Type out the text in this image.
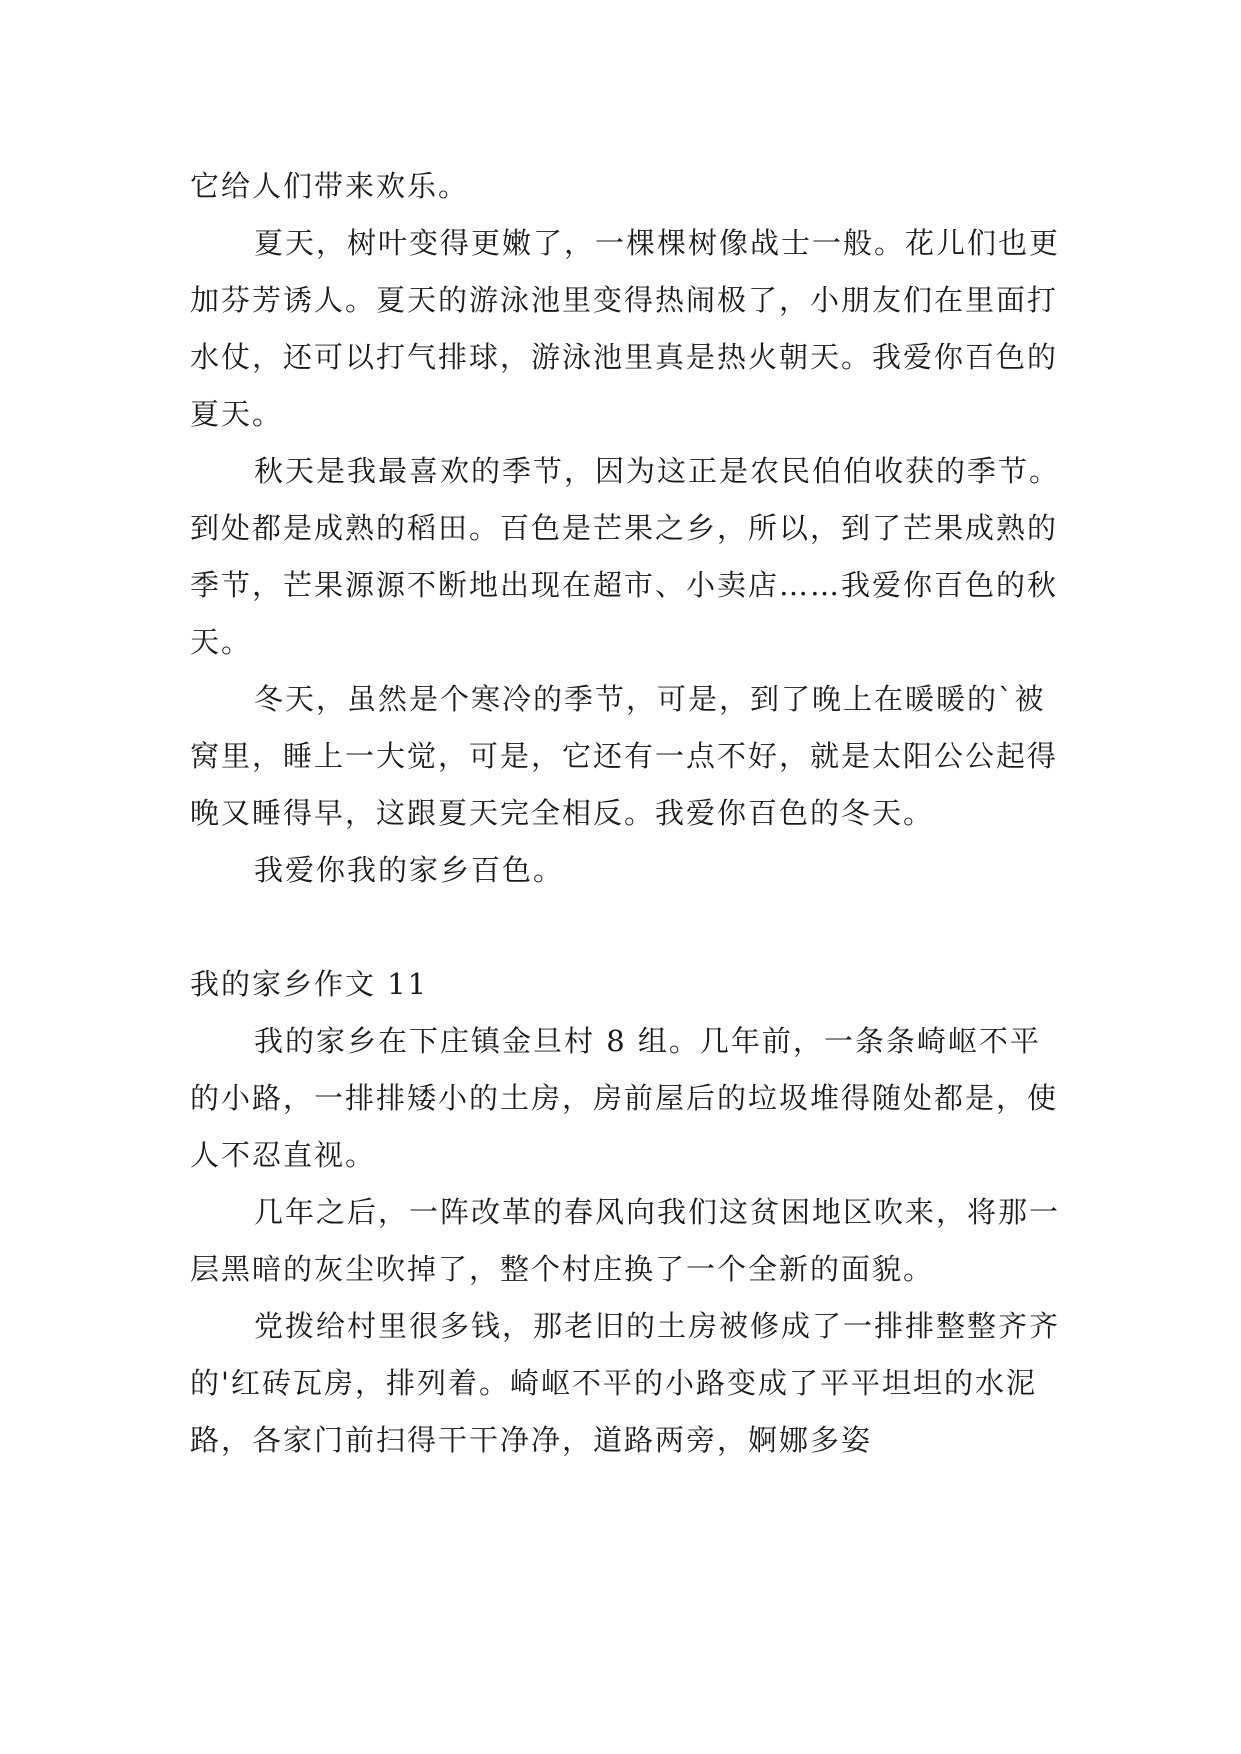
它给人们带来欢乐。

夏天，树叶变得更嫩了，一棵棵树像战士一般。花儿们也更加芬芳诱人。夏天的游泳池里变得热闹极了，小朋友们在里面打水仗，还可以打气排球，游泳池里真是热火朝天。我爱你百色的夏天。

秋天是我最喜欢的季节，因为这正是农民伯伯收获的季节。到处都是成熟的稻田。百色是芒果之乡，所以，到了芒果成熟的季节，芒果源源不断地出现在超市、小卖店……我爱你百色的秋天。

冬天，虽然是个寒冷的季节，可是，到了晚上在暖暖的`被窝里，睡上一大觉，可是，它还有一点不好，就是太阳公公起得晚又睡得早，这跟夏天完全相反。我爱你百色的冬天。

我爱你我的家乡百色。

我的家乡作文 11

我的家乡在下庄镇金旦村 8 组。几年前，一条条崎岖不平的小路，一排排矮小的土房，房前屋后的垃圾堆得随处都是，使人不忍直视。

几年之后，一阵改革的春风向我们这贫困地区吹来，将那一层黑暗的灰尘吹掉了，整个村庄换了一个全新的面貌。

党拨给村里很多钱，那老旧的土房被修成了一排排整整齐齐的'红砖瓦房，排列着。崎岖不平的小路变成了平平坦坦的水泥路，各家门前扫得干干净净，道路两旁，婀娜多姿
